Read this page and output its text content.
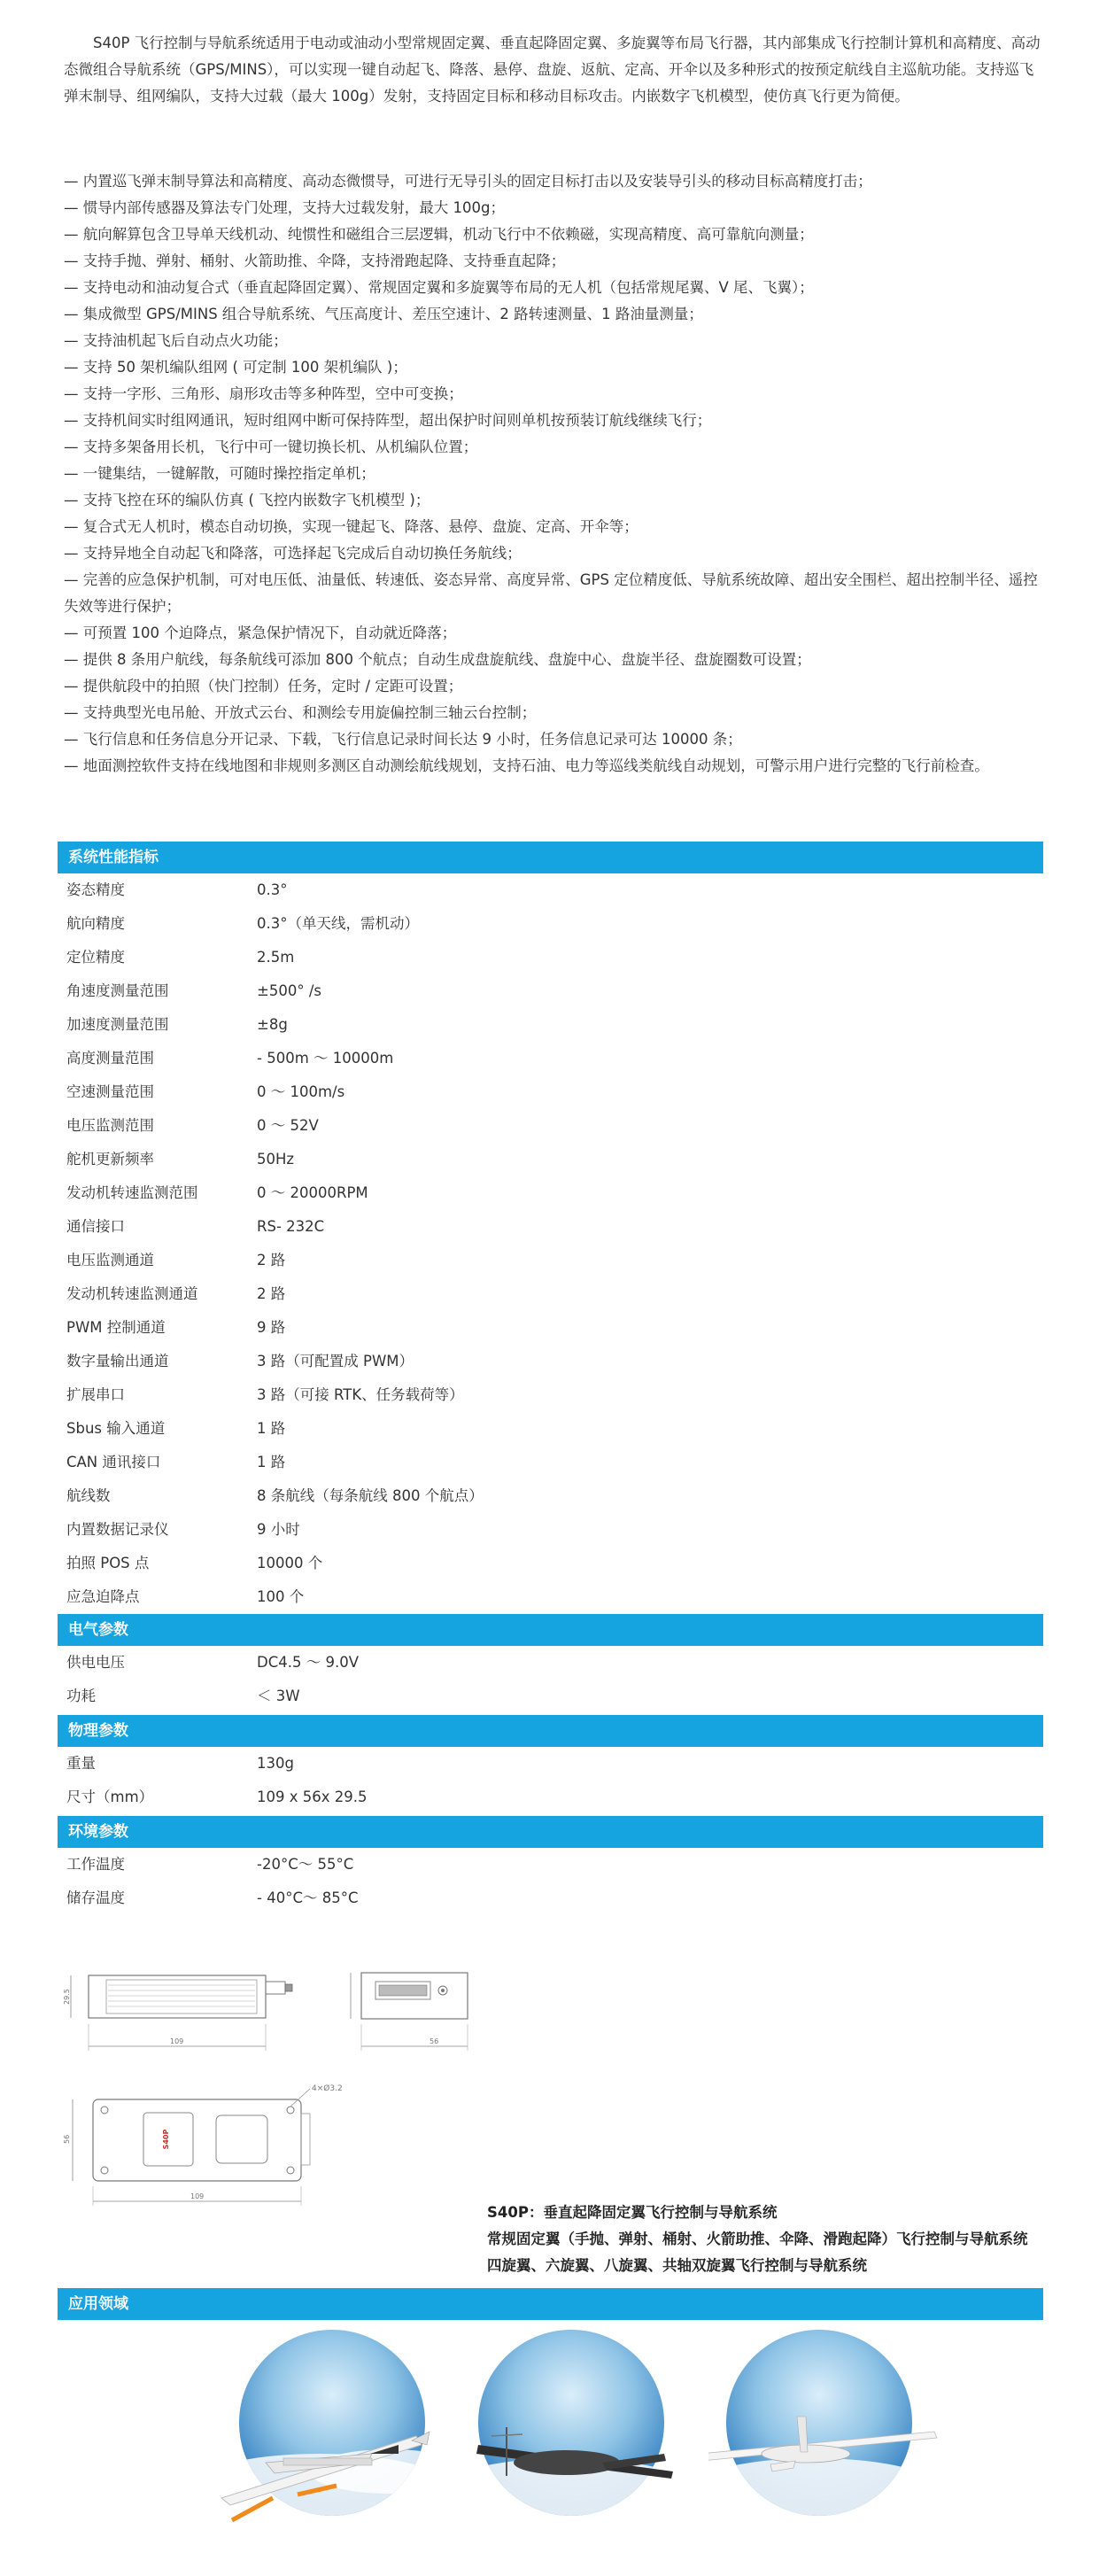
S40P 飞行控制与导航系统适用于电动或油动小型常规固定翼、垂直起降固定翼、多旋翼等布局飞行器，其内部集成飞行控制计算机和高精度、高动态微组合导航系统（GPS/MINS），可以实现一键自动起飞、降落、悬停、盘旋、返航、定高、开伞以及多种形式的按预定航线自主巡航功能。支持巡飞弹末制导、组网编队，支持大过载（最大 100g）发射，支持固定目标和移动目标攻击。内嵌数字飞机模型，使仿真飞行更为简便。

— 内置巡飞弹末制导算法和高精度、高动态微惯导，可进行无导引头的固定目标打击以及安装导引头的移动目标高精度打击；
— 惯导内部传感器及算法专门处理，支持大过载发射，最大 100g；
— 航向解算包含卫导单天线机动、纯惯性和磁组合三层逻辑，机动飞行中不依赖磁，实现高精度、高可靠航向测量；
— 支持手抛、弹射、桶射、火箭助推、伞降，支持滑跑起降、支持垂直起降；
— 支持电动和油动复合式（垂直起降固定翼）、常规固定翼和多旋翼等布局的无人机（包括常规尾翼、V 尾、飞翼）；
— 集成微型 GPS/MINS 组合导航系统、气压高度计、差压空速计、2 路转速测量、1 路油量测量；
— 支持油机起飞后自动点火功能；
— 支持 50 架机编队组网 ( 可定制 100 架机编队 )；
— 支持一字形、三角形、扇形攻击等多种阵型，空中可变换；
— 支持机间实时组网通讯，短时组网中断可保持阵型，超出保护时间则单机按预装订航线继续飞行；
— 支持多架备用长机，飞行中可一键切换长机、从机编队位置；
— 一键集结，一键解散，可随时操控指定单机；
— 支持飞控在环的编队仿真 ( 飞控内嵌数字飞机模型 )；
— 复合式无人机时，模态自动切换，实现一键起飞、降落、悬停、盘旋、定高、开伞等；
— 支持异地全自动起飞和降落，可选择起飞完成后自动切换任务航线；
— 完善的应急保护机制，可对电压低、油量低、转速低、姿态异常、高度异常、GPS 定位精度低、导航系统故障、超出安全围栏、超出控制半径、遥控失效等进行保护；
— 可预置 100 个迫降点，紧急保护情况下，自动就近降落；
— 提供 8 条用户航线，每条航线可添加 800 个航点；自动生成盘旋航线、盘旋中心、盘旋半径、盘旋圈数可设置；
— 提供航段中的拍照（快门控制）任务，定时 / 定距可设置；
— 支持典型光电吊舱、开放式云台、和测绘专用旋偏控制三轴云台控制；
— 飞行信息和任务信息分开记录、下载，飞行信息记录时间长达 9 小时，任务信息记录可达 10000 条；
— 地面测控软件支持在线地图和非规则多测区自动测绘航线规划，支持石油、电力等巡线类航线自动规划，可警示用户进行完整的飞行前检查。
系统性能指标
姿态精度	0.3°
航向精度	0.3°（单天线，需机动）
定位精度	2.5m
角速度测量范围	±500° /s
加速度测量范围	±8g
高度测量范围	- 500m ～ 10000m
空速测量范围	0 ～ 100m/s
电压监测范围	0 ～ 52V
舵机更新频率	50Hz
发动机转速监测范围	0 ～ 20000RPM
通信接口	RS- 232C
电压监测通道	2 路
发动机转速监测通道	2 路
PWM 控制通道	9 路
数字量输出通道	3 路（可配置成 PWM）
扩展串口	3 路（可接 RTK、任务载荷等）
Sbus 输入通道	1 路
CAN 通讯接口	1 路
航线数	8 条航线（每条航线 800 个航点）
内置数据记录仪	9 小时
拍照 POS 点	10000 个
应急迫降点	100 个
电气参数
供电电压	DC4.5 ～ 9.0V
功耗	＜ 3W
物理参数
重量	130g
尺寸（mm）	109 x 56x 29.5
环境参数
工作温度	-20°C～ 55°C
储存温度	- 40°C～ 85°C
109
29.5
56
S40P
4×Ø3.2
109
56
S40P：垂直起降固定翼飞行控制与导航系统
常规固定翼（手抛、弹射、桶射、火箭助推、伞降、滑跑起降）飞行控制与导航系统
四旋翼、六旋翼、八旋翼、共轴双旋翼飞行控制与导航系统
应用领域
